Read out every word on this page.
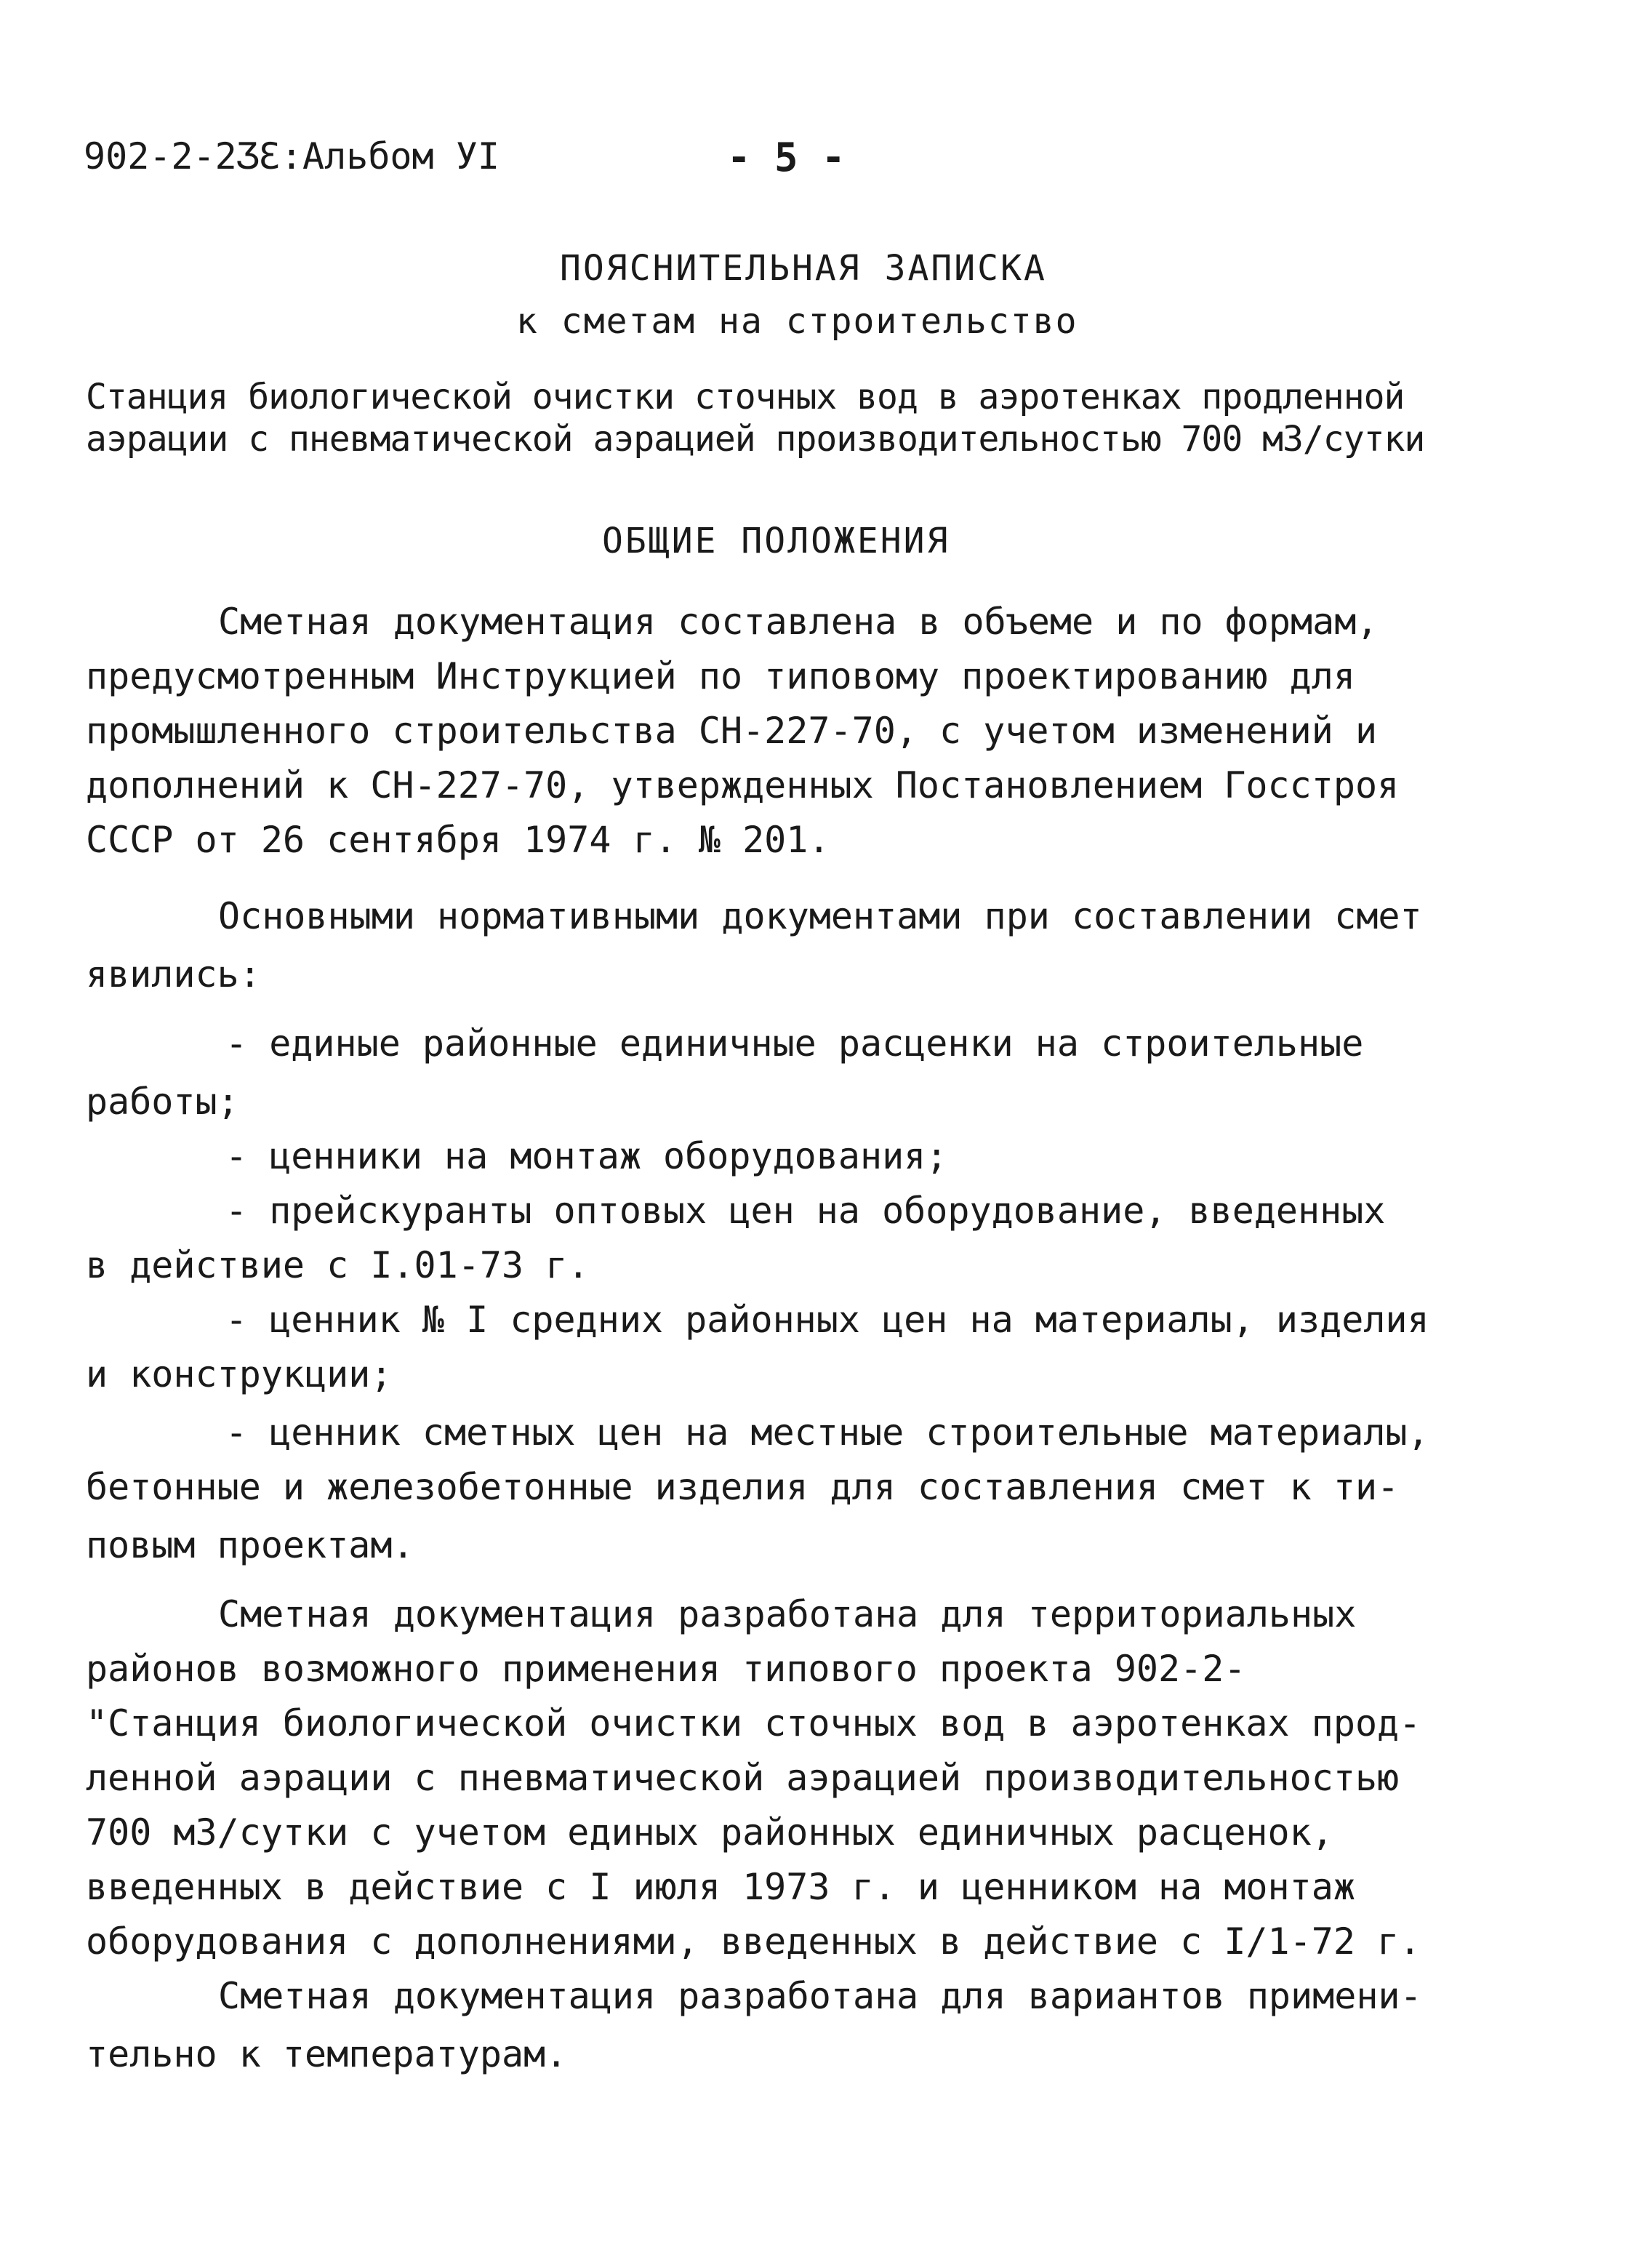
902-2-2ƷƐ:Альбом УI	- 5 -
ПОЯСНИТЕЛЬНАЯ ЗАПИСКА
к сметам на строительство
Станция биологической очистки сточных вод в аэротенках продленной
аэрации с пневматической аэрацией производительностью 700 м3/сутки
ОБЩИЕ ПОЛОЖЕНИЯ
Сметная документация составлена в объеме и по формам,
предусмотренным Инструкцией по типовому проектированию для
промышленного строительства СН-227-70, с учетом изменений и
дополнений к СН-227-70, утвержденных Постановлением Госстроя
СССР от 26 сентября 1974 г. № 201.
Основными нормативными документами при составлении смет
явились:
- единые районные единичные расценки на строительные
работы;
- ценники на монтаж оборудования;
- прейскуранты оптовых цен на оборудование, введенных
в действие с I.01-73 г.
- ценник № I средних районных цен на материалы, изделия
и конструкции;
- ценник сметных цен на местные строительные материалы,
бетонные и железобетонные изделия для составления смет к ти-
повым проектам.
Сметная документация разработана для территориальных
районов возможного применения типового проекта 902-2-
"Станция биологической очистки сточных вод в аэротенках прод-
ленной аэрации с пневматической аэрацией производительностью
700 м3/сутки с учетом единых районных единичных расценок,
введенных в действие с I июля 1973 г. и ценником на монтаж
оборудования с дополнениями, введенных в действие с I/1-72 г.
Сметная документация разработана для вариантов примени-
тельно к температурам.
